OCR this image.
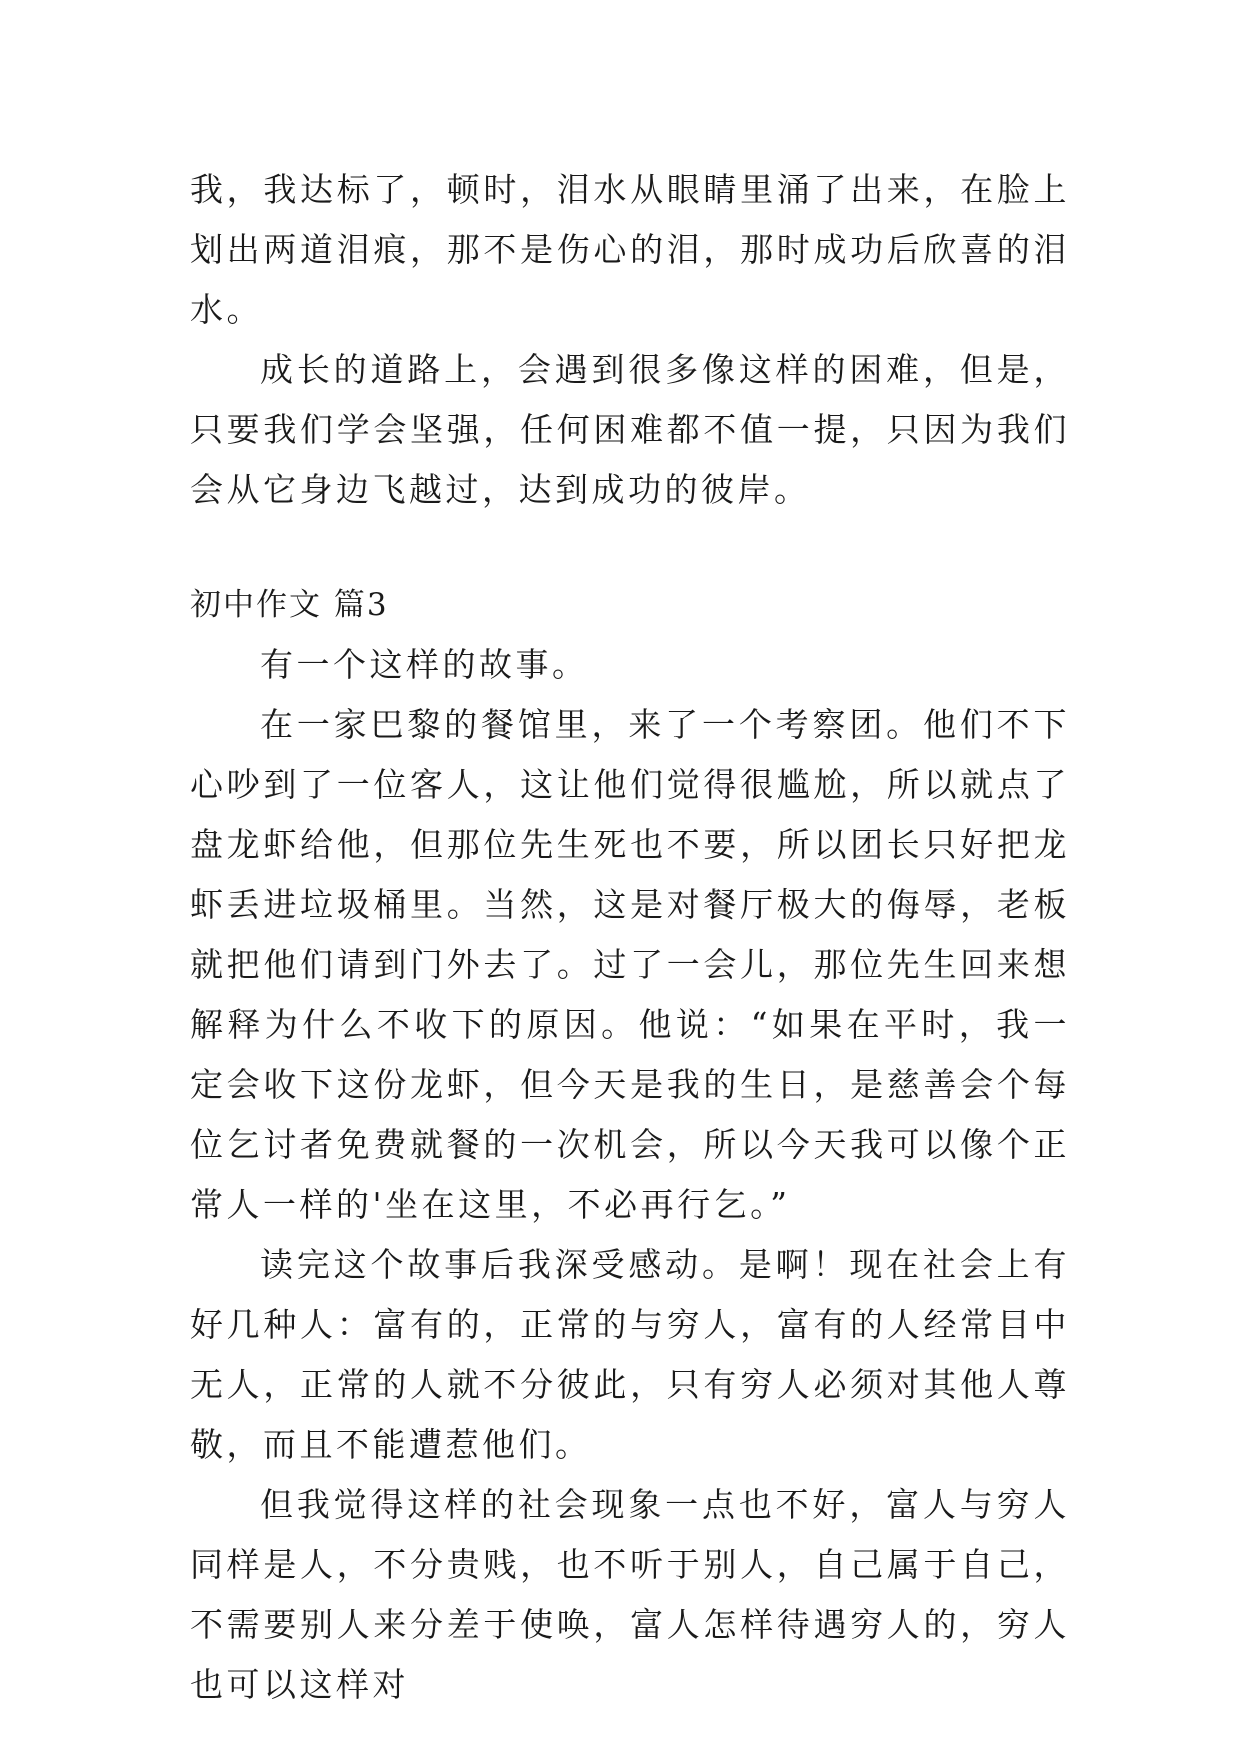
我，我达标了，顿时，泪水从眼睛里涌了出来，在脸上划出两道泪痕，那不是伤心的泪，那时成功后欣喜的泪水。

成长的道路上，会遇到很多像这样的困难，但是，只要我们学会坚强，任何困难都不值一提，只因为我们会从它身边飞越过，达到成功的彼岸。

初中作文 篇3

有一个这样的故事。

在一家巴黎的餐馆里，来了一个考察团。他们不下心吵到了一位客人，这让他们觉得很尴尬，所以就点了盘龙虾给他，但那位先生死也不要，所以团长只好把龙虾丢进垃圾桶里。当然，这是对餐厅极大的侮辱，老板就把他们请到门外去了。过了一会儿，那位先生回来想解释为什么不收下的原因。他说：“如果在平时，我一定会收下这份龙虾，但今天是我的生日，是慈善会个每位乞讨者免费就餐的一次机会，所以今天我可以像个正常人一样的'坐在这里，不必再行乞。”

读完这个故事后我深受感动。是啊！现在社会上有好几种人：富有的，正常的与穷人，富有的人经常目中无人，正常的人就不分彼此，只有穷人必须对其他人尊敬，而且不能遭惹他们。

但我觉得这样的社会现象一点也不好，富人与穷人同样是人，不分贵贱，也不听于别人，自己属于自己，不需要别人来分差于使唤，富人怎样待遇穷人的，穷人也可以这样对
